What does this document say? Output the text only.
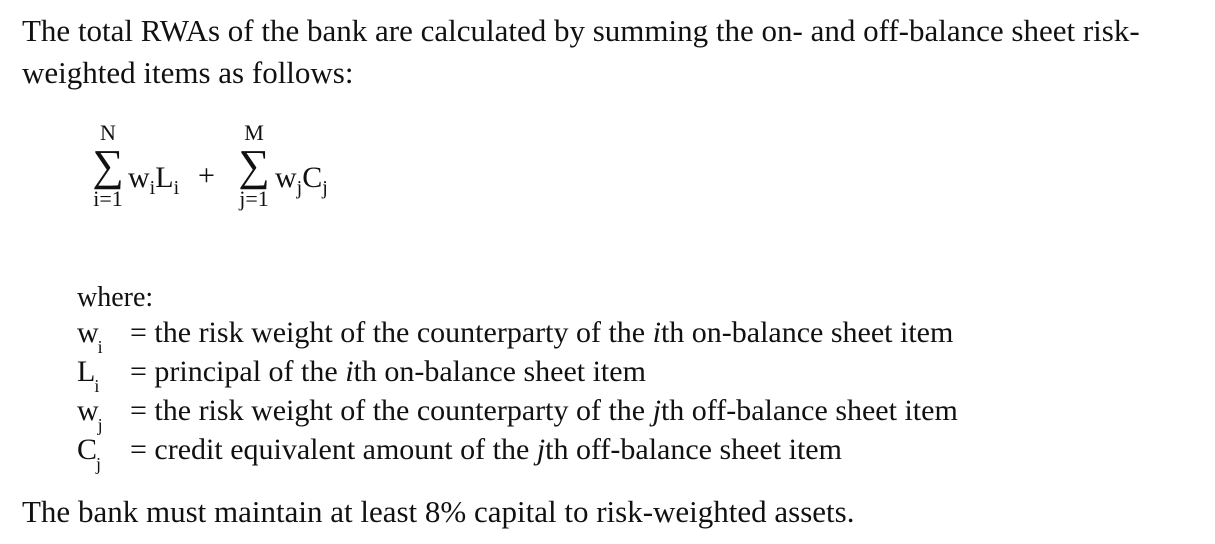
The total RWAs of the bank are calculated by summing the on- and off-balance sheet risk-
weighted items as follows:

N
∑
i=1
$w_iL_i$ +
M
∑
j=1
$w_jC_j$

where:

$w_i$ = the risk weight of the counterparty of the ith on-balance sheet item
$L_i$ = principal of the ith on-balance sheet item
$w_j$ = the risk weight of the counterparty of the jth off-balance sheet item
$C_j$ = credit equivalent amount of the jth off-balance sheet item

The bank must maintain at least 8% capital to risk-weighted assets.
